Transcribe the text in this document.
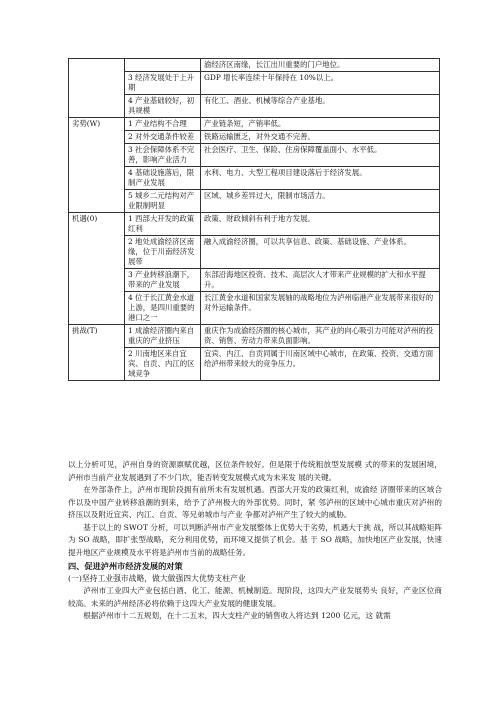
		渝经济区南缘，长江出川重要的门户地位。
	3 经济发展处于上升期	GDP 增长率连续十年保持在 10%以上。
	4 产业基础较好，初具规模	有化工、酒业、机械等综合产业基地。
劣势(W)	1 产业结构不合理	产业链条短，产销率低。
	2 对外交通条件较差	铁路运输匮乏，对外交通不完善。
	3 社会保障体系不完善，影响产业活力	社会医疗、卫生、保险、住房保障覆盖面小、水平低。
	4 基础设施落后，限制产业发展	水利、电力、大型工程项目建设落后于经济发展。
	5 城乡二元结构对产业限制明显	区域、城乡差异过大，限制市场活力。
机遇(0)	1 西部大开发的政策红利	政策、财政倾斜有利于地方发展。
	2 地处成渝经济区南缘，位于川南经济发展带	融入成渝经济圈，可以共享信息、政策、基础设施、产业体系。
	3 产业转移浪潮下，带来的产业发展	东部沿海地区投资、技术、高层次人才带来产业规模的扩大和水平提升。
	4 位于长江黄金水道上游，是四川重要的港口之一	长江黄金水道和国家发展轴的战略地位为泸州临港产业发展带来很好的对外运输条件。
挑战(T)	1 成渝经济圈内来自重庆的产业挤压	重庆作为成渝经济圈的核心城市，其产业的向心吸引力可能对泸州的投资、销售、劳动力带来负面影响。
	2 川南地区来自宜宾、自贡、内江的区域竞争	宜宾、内江、自贡同属于川南区域中心城市，在政策、投资、交通方面给泸州带来较大的竞争压力。

以上分析可见，泸州自身的资源禀赋优越，区位条件较好。但是限于传统粗放型发展模 式的带来的发展困境，泸州市当前产业发展遇到了不少门坎，能否转变发展模式成为未来发 展的关键。

在外部条件上，泸州市现阶段拥有前所未有发展机遇。西部大开发的政策红利，成渝经 济圈带来的区域合作以及中国产业转移浪潮的到来，给予了泸州极大的外部优势。同时，紧 邻泸州的区域中心城市重庆对泸州的挤压以及附近宜宾、内江、自贡、等兄弟城市与产业 争都对泸州产生了较大的威胁。

基于以上的 SWOT 分析，可以判断泸州市产业发展整体上优势大于劣势，机遇大于挑 战，所以其战略矩阵为 SO 战略，即扩张型战略，充分利用优势，而环境又提供了机会。基 于 SO 战略，加快地区产业发展，快速提升地区产业规模及水平将是泸州市当前的战略任务。

四、促进泸州市经济发展的对策

(一)坚持工业强市战略，做大做强四大优势支柱产业

泸州市工业四大产业包括白酒、化工、能源、机械制造。现阶段，这四大产业发展势头 良好，产业区位商较高。未来的泸州经济必将依赖于这四大产业发展的健康发展。

根据泸州市十二五规划，在十二五末，四大支柱产业的销售收入将达到 1200 亿元，这 就需
